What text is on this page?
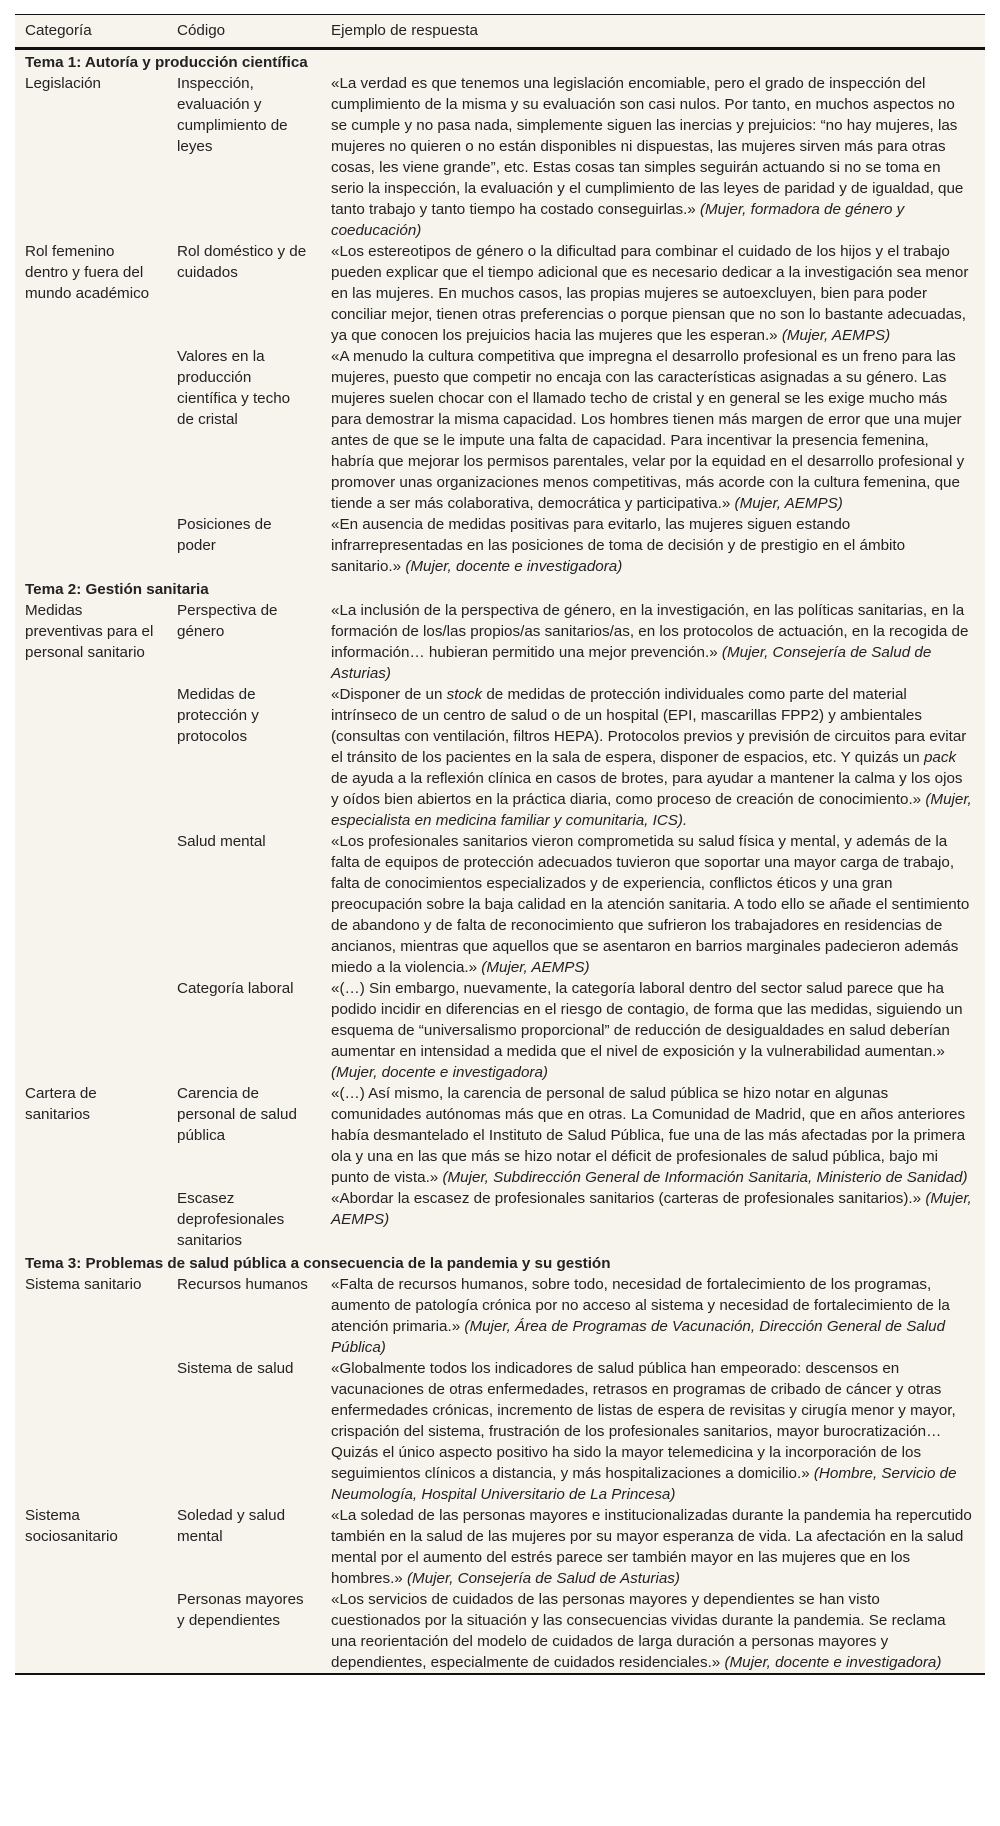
Categoría	Código	Ejemplo de respuesta
Tema 1: Autoría y producción científica		
Legislación	Inspección, evaluación y cumplimiento de leyes	«La verdad es que tenemos una legislación encomiable, pero el grado de inspección del cumplimiento de la misma y su evaluación son casi nulos. Por tanto, en muchos aspectos no se cumple y no pasa nada, simplemente siguen las inercias y prejuicios: “no hay mujeres, las mujeres no quieren o no están disponibles ni dispuestas, las mujeres sirven más para otras cosas, les viene grande”, etc. Estas cosas tan simples seguirán actuando si no se toma en serio la inspección, la evaluación y el cumplimiento de las leyes de paridad y de igualdad, que tanto trabajo y tanto tiempo ha costado conseguirlas.» (Mujer, formadora de género y coeducación)
Rol femenino dentro y fuera del mundo académico	Rol doméstico y de cuidados	«Los estereotipos de género o la dificultad para combinar el cuidado de los hijos y el trabajo pueden explicar que el tiempo adicional que es necesario dedicar a la investigación sea menor en las mujeres. En muchos casos, las propias mujeres se autoexcluyen, bien para poder conciliar mejor, tienen otras preferencias o porque piensan que no son lo bastante adecuadas, ya que conocen los prejuicios hacia las mujeres que les esperan.» (Mujer, AEMPS)
	Valores en la producción científica y techo de cristal	«A menudo la cultura competitiva que impregna el desarrollo profesional es un freno para las mujeres, puesto que competir no encaja con las características asignadas a su género. Las mujeres suelen chocar con el llamado techo de cristal y en general se les exige mucho más para demostrar la misma capacidad. Los hombres tienen más margen de error que una mujer antes de que se le impute una falta de capacidad. Para incentivar la presencia femenina, habría que mejorar los permisos parentales, velar por la equidad en el desarrollo profesional y promover unas organizaciones menos competitivas, más acorde con la cultura femenina, que tiende a ser más colaborativa, democrática y participativa.» (Mujer, AEMPS)
	Posiciones de poder	«En ausencia de medidas positivas para evitarlo, las mujeres siguen estando infrarrepresentadas en las posiciones de toma de decisión y de prestigio en el ámbito sanitario.» (Mujer, docente e investigadora)
Tema 2: Gestión sanitaria		
Medidas preventivas para el personal sanitario	Perspectiva de género	«La inclusión de la perspectiva de género, en la investigación, en las políticas sanitarias, en la formación de los/las propios/as sanitarios/as, en los protocolos de actuación, en la recogida de información… hubieran permitido una mejor prevención.» (Mujer, Consejería de Salud de Asturias)
	Medidas de protección y protocolos	«Disponer de un stock de medidas de protección individuales como parte del material intrínseco de un centro de salud o de un hospital (EPI, mascarillas FPP2) y ambientales (consultas con ventilación, filtros HEPA). Protocolos previos y previsión de circuitos para evitar el tránsito de los pacientes en la sala de espera, disponer de espacios, etc. Y quizás un pack de ayuda a la reflexión clínica en casos de brotes, para ayudar a mantener la calma y los ojos y oídos bien abiertos en la práctica diaria, como proceso de creación de conocimiento.» (Mujer, especialista en medicina familiar y comunitaria, ICS).
	Salud mental	«Los profesionales sanitarios vieron comprometida su salud física y mental, y además de la falta de equipos de protección adecuados tuvieron que soportar una mayor carga de trabajo, falta de conocimientos especializados y de experiencia, conflictos éticos y una gran preocupación sobre la baja calidad en la atención sanitaria. A todo ello se añade el sentimiento de abandono y de falta de reconocimiento que sufrieron los trabajadores en residencias de ancianos, mientras que aquellos que se asentaron en barrios marginales padecieron además miedo a la violencia.» (Mujer, AEMPS)
	Categoría laboral	«(…) Sin embargo, nuevamente, la categoría laboral dentro del sector salud parece que ha podido incidir en diferencias en el riesgo de contagio, de forma que las medidas, siguiendo un esquema de “universalismo proporcional” de reducción de desigualdades en salud deberían aumentar en intensidad a medida que el nivel de exposición y la vulnerabilidad aumentan.» (Mujer, docente e investigadora)
Cartera de sanitarios	Carencia de personal de salud pública	«(…) Así mismo, la carencia de personal de salud pública se hizo notar en algunas comunidades autónomas más que en otras. La Comunidad de Madrid, que en años anteriores había desmantelado el Instituto de Salud Pública, fue una de las más afectadas por la primera ola y una en las que más se hizo notar el déficit de profesionales de salud pública, bajo mi punto de vista.» (Mujer, Subdirección General de Información Sanitaria, Ministerio de Sanidad)
	Escasez deprofesionales sanitarios	«Abordar la escasez de profesionales sanitarios (carteras de profesionales sanitarios).» (Mujer, AEMPS)
Tema 3: Problemas de salud pública a consecuencia de la pandemia y su gestión		
Sistema sanitario	Recursos humanos	«Falta de recursos humanos, sobre todo, necesidad de fortalecimiento de los programas, aumento de patología crónica por no acceso al sistema y necesidad de fortalecimiento de la atención primaria.» (Mujer, Área de Programas de Vacunación, Dirección General de Salud Pública)
	Sistema de salud	«Globalmente todos los indicadores de salud pública han empeorado: descensos en vacunaciones de otras enfermedades, retrasos en programas de cribado de cáncer y otras enfermedades crónicas, incremento de listas de espera de revisitas y cirugía menor y mayor, crispación del sistema, frustración de los profesionales sanitarios, mayor burocratización… Quizás el único aspecto positivo ha sido la mayor telemedicina y la incorporación de los seguimientos clínicos a distancia, y más hospitalizaciones a domicilio.» (Hombre, Servicio de Neumología, Hospital Universitario de La Princesa)
Sistema sociosanitario	Soledad y salud mental	«La soledad de las personas mayores e institucionalizadas durante la pandemia ha repercutido también en la salud de las mujeres por su mayor esperanza de vida. La afectación en la salud mental por el aumento del estrés parece ser también mayor en las mujeres que en los hombres.» (Mujer, Consejería de Salud de Asturias)
	Personas mayores y dependientes	«Los servicios de cuidados de las personas mayores y dependientes se han visto cuestionados por la situación y las consecuencias vividas durante la pandemia. Se reclama una reorientación del modelo de cuidados de larga duración a personas mayores y dependientes, especialmente de cuidados residenciales.» (Mujer, docente e investigadora)
